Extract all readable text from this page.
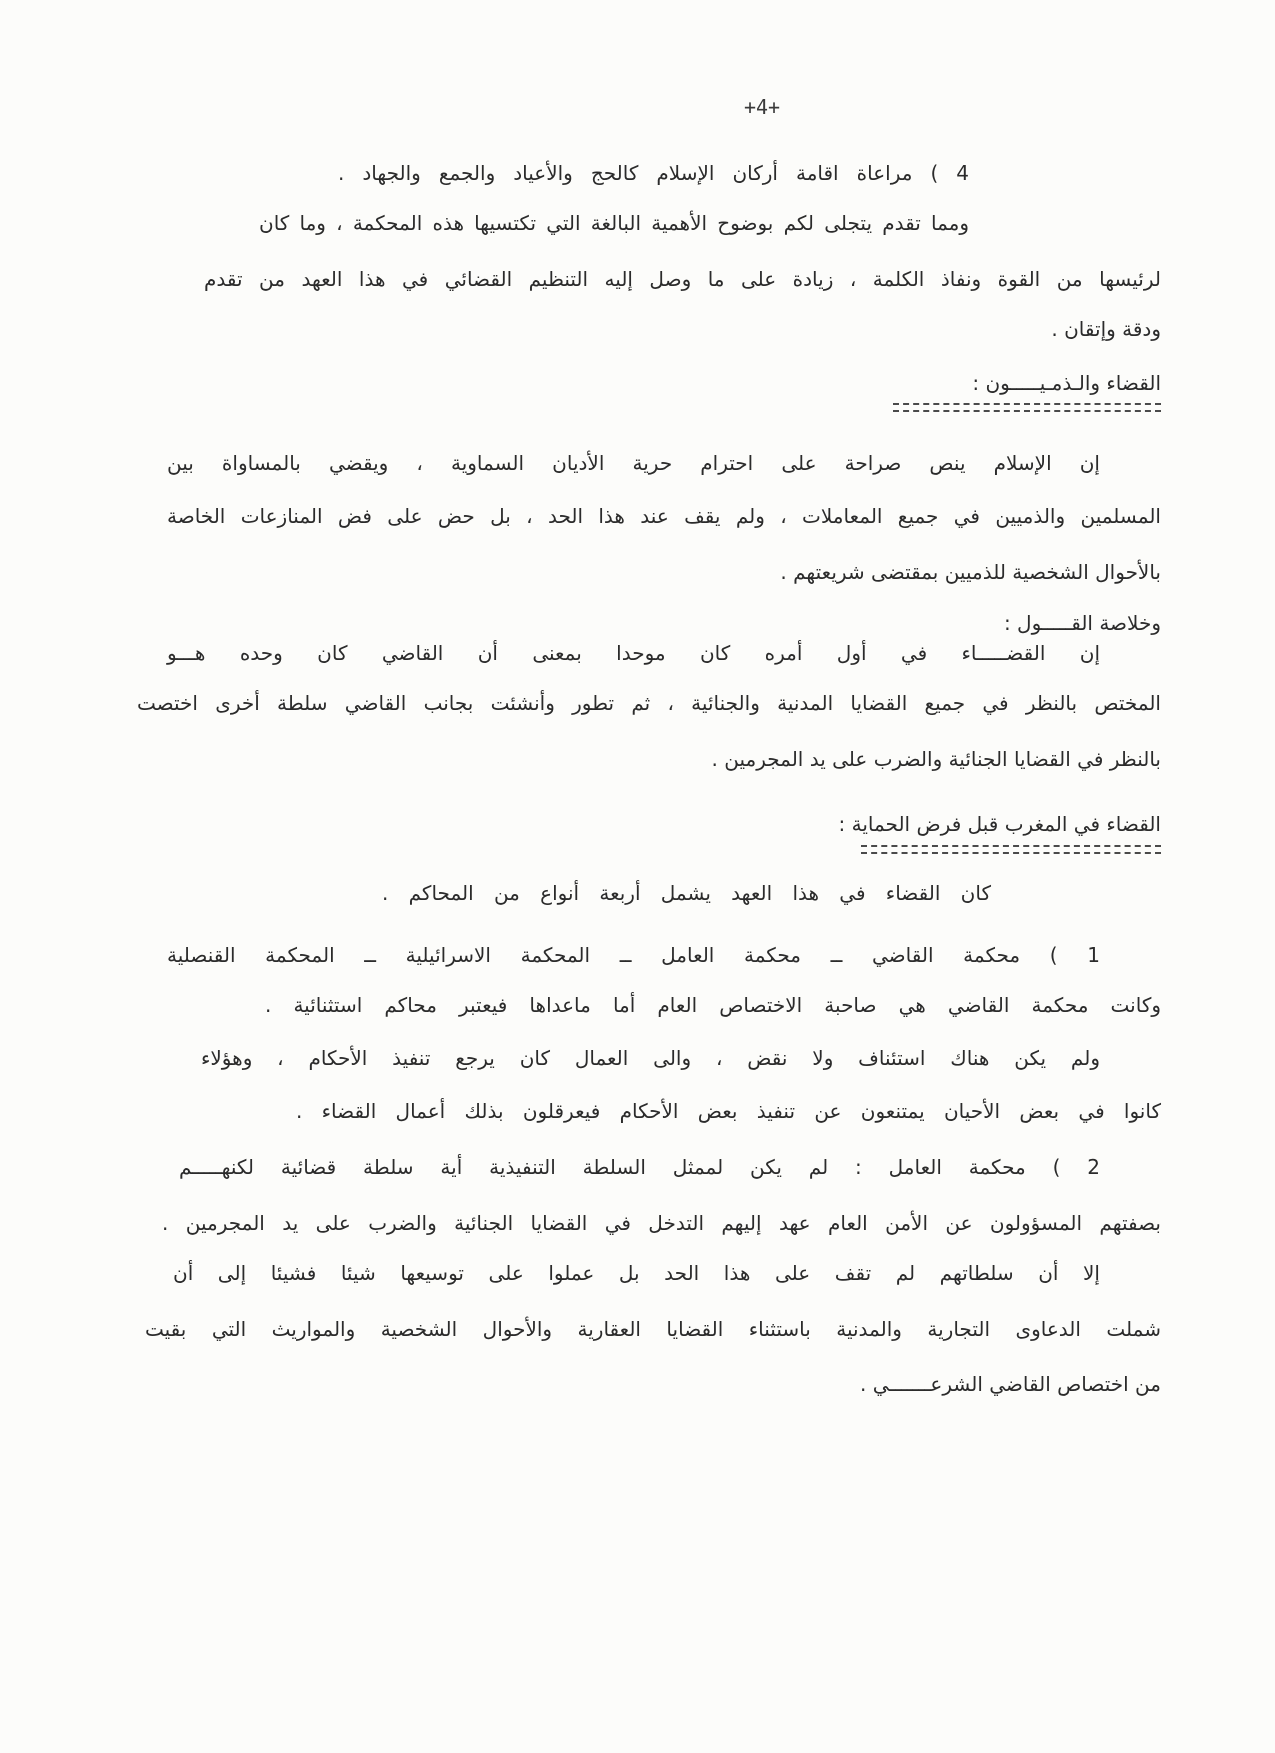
+4+
4 ) مراعاة اقامة أركان الإسلام كالحج والأعياد والجمع والجهاد .
ومما تقدم يتجلى لكم بوضوح الأهمية البالغة التي تكتسيها هذه المحكمة ، وما كان
لرئيسها من القوة ونفاذ الكلمة ، زيادة على ما وصل إليه التنظيم القضائي في هذا العهد من تقدم
ودقة وإتقان .
القضاء والـذمـيـــــون :
إن الإسلام ينص صراحة على احترام حرية الأديان السماوية ، ويقضي بالمساواة بين
المسلمين والذميين في جميع المعاملات ، ولم يقف عند هذا الحد ، بل حض على فض المنازعات الخاصة
بالأحوال الشخصية للذميين بمقتضى شريعتهم .
وخلاصة القـــــول :
إن القضـــــاء في أول أمره كان موحدا بمعنى أن القاضي كان وحده هـــو
المختص بالنظر في جميع القضايا المدنية والجنائية ، ثم تطور وأنشئت بجانب القاضي سلطة أخرى اختصت
بالنظر في القضايا الجنائية والضرب على يد المجرمين .
القضاء في المغرب قبل فرض الحماية :
كان القضاء في هذا العهد يشمل أربعة أنواع من المحاكم .
1 ) محكمة القاضي ــ محكمة العامل ــ المحكمة الاسرائيلية ــ المحكمة القنصلية
وكانت محكمة القاضي هي صاحبة الاختصاص العام أما ماعداها فيعتبر محاكم استثنائية .
ولم يكن هناك استئناف ولا نقض ، والى العمال كان يرجع تنفيذ الأحكام ، وهؤلاء
كانوا في بعض الأحيان يمتنعون عن تنفيذ بعض الأحكام فيعرقلون بذلك أعمال القضاء .
2 ) محكمة العامل : لم يكن لممثل السلطة التنفيذية أية سلطة قضائية لكنهـــــم
بصفتهم المسؤولون عن الأمن العام عهد إليهم التدخل في القضايا الجنائية والضرب على يد المجرمين .
إلا أن سلطاتهم لم تقف على هذا الحد بل عملوا على توسيعها شيئا فشيئا إلى أن
شملت الدعاوى التجارية والمدنية باستثناء القضايا العقارية والأحوال الشخصية والمواريث التي بقيت
من اختصاص القاضي الشرعـــــــي .
